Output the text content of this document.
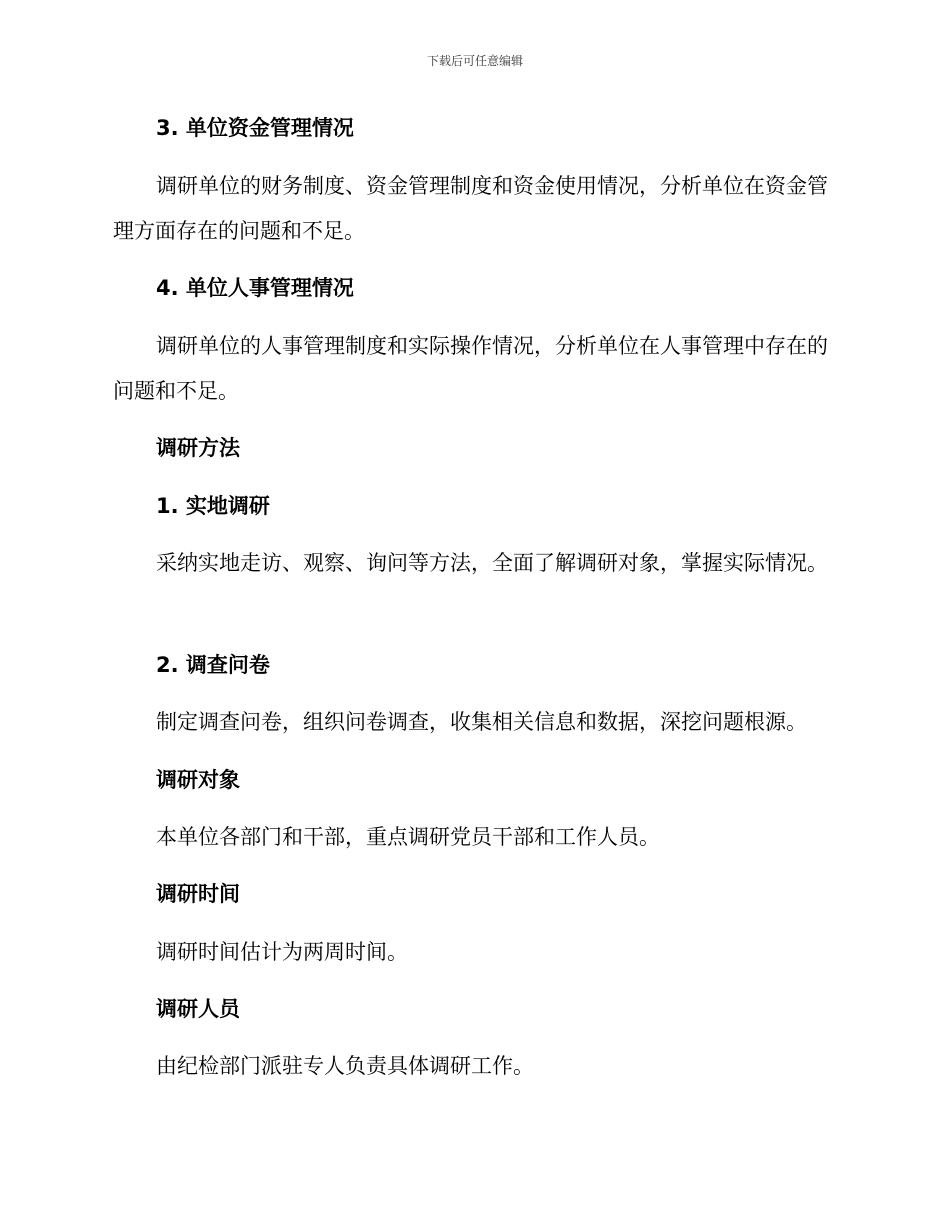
下载后可任意编辑

3. 单位资金管理情况

调研单位的财务制度、资金管理制度和资金使用情况，分析单位在资金管理方面存在的问题和不足。

4. 单位人事管理情况

调研单位的人事管理制度和实际操作情况，分析单位在人事管理中存在的问题和不足。

调研方法

1. 实地调研

采纳实地走访、观察、询问等方法，全面了解调研对象，掌握实际情况。

2. 调查问卷

制定调查问卷，组织问卷调查，收集相关信息和数据，深挖问题根源。

调研对象

本单位各部门和干部，重点调研党员干部和工作人员。

调研时间

调研时间估计为两周时间。

调研人员

由纪检部门派驻专人负责具体调研工作。
